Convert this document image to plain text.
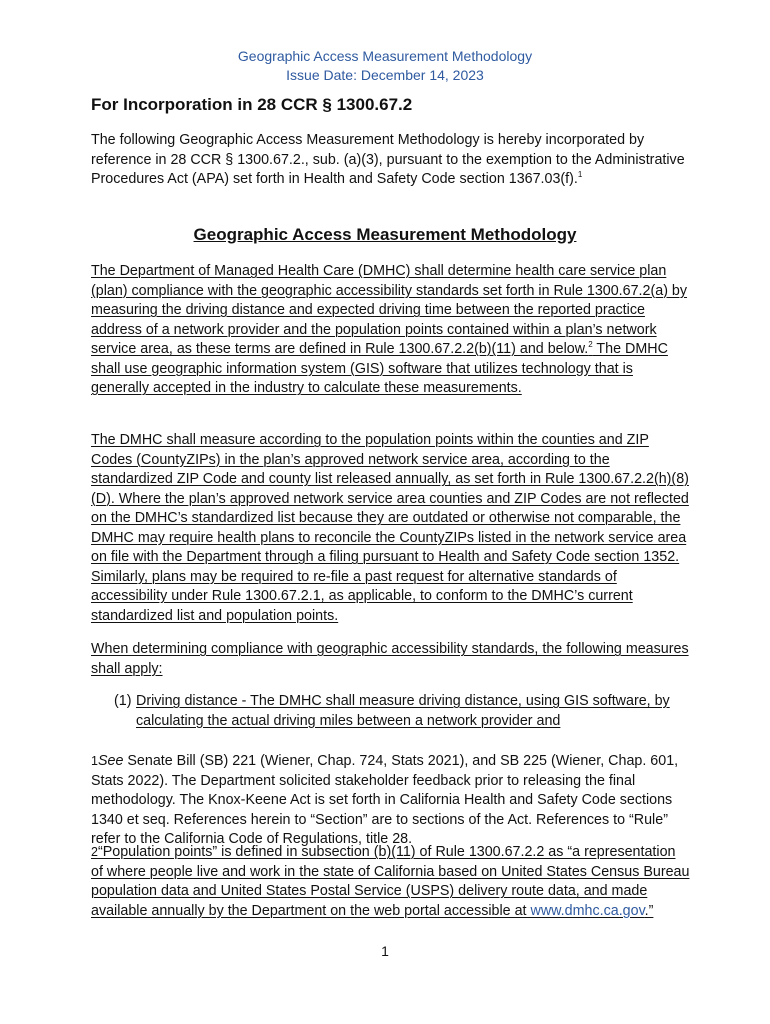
Geographic Access Measurement Methodology
Issue Date: December 14, 2023
For Incorporation in 28 CCR § 1300.67.2
The following Geographic Access Measurement Methodology is hereby incorporated by reference in 28 CCR § 1300.67.2., sub. (a)(3), pursuant to the exemption to the Administrative Procedures Act (APA) set forth in Health and Safety Code section 1367.03(f).$^1$
Geographic Access Measurement Methodology
The Department of Managed Health Care (DMHC) shall determine health care service plan (plan) compliance with the geographic accessibility standards set forth in Rule 1300.67.2(a) by measuring the driving distance and expected driving time between the reported practice address of a network provider and the population points contained within a plan’s network service area, as these terms are defined in Rule 1300.67.2.2(b)(11) and below.$^2$ The DMHC shall use geographic information system (GIS) software that utilizes technology that is generally accepted in the industry to calculate these measurements.
The DMHC shall measure according to the population points within the counties and ZIP Codes (CountyZIPs) in the plan’s approved network service area, according to the standardized ZIP Code and county list released annually, as set forth in Rule 1300.67.2.2(h)(8)(D). Where the plan’s approved network service area counties and ZIP Codes are not reflected on the DMHC’s standardized list because they are outdated or otherwise not comparable, the DMHC may require health plans to reconcile the CountyZIPs listed in the network service area on file with the Department through a filing pursuant to Health and Safety Code section 1352. Similarly, plans may be required to re-file a past request for alternative standards of accessibility under Rule 1300.67.2.1, as applicable, to conform to the DMHC’s current standardized list and population points.
When determining compliance with geographic accessibility standards, the following measures shall apply:
(1) Driving distance - The DMHC shall measure driving distance, using GIS software, by calculating the actual driving miles between a network provider and
1See Senate Bill (SB) 221 (Wiener, Chap. 724, Stats 2021), and SB 225 (Wiener, Chap. 601, Stats 2022). The Department solicited stakeholder feedback prior to releasing the final methodology. The Knox-Keene Act is set forth in California Health and Safety Code sections 1340 et seq. References herein to “Section” are to sections of the Act. References to “Rule” refer to the California Code of Regulations, title 28.
2“Population points” is defined in subsection (b)(11) of Rule 1300.67.2.2 as “a representation of where people live and work in the state of California based on United States Census Bureau population data and United States Postal Service (USPS) delivery route data, and made available annually by the Department on the web portal accessible at www.dmhc.ca.gov.”
1
